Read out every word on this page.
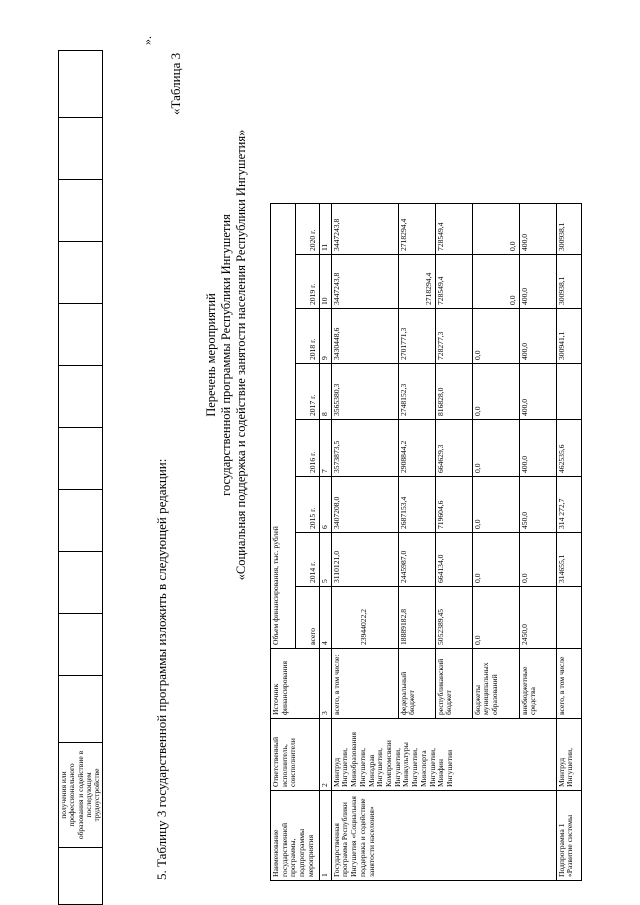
	получения или профессионального образования и содействие в последующем трудоустройстве											
».
5. Таблицу 3 государственной программы изложить в следующей редакции:
«Таблица 3
Перечень мероприятий государственной программы Республики Ингушетия «Социальная поддержка и содействие занятости населения Республики Ингушетия»
Наименование государственной программы, подпрограммы мероприятия	Ответственный исполнитель, соисполнители	Источник финансирования	Объем финансирования, тыс. рублей							
			всего	2014 г.	2015 г.	2016 г.	2017 г.	2018 г.	2019 г.	2020 г.
1	2	3	4	5	6	7	8	9	10	11
Государственная программа Республики Ингушетия «Социальная поддержка и содействие занятости населения»	Минтруд Ингушетии, Минобразования Ингушетии, Минздрав Ингушетии, Компромсвязи Ингушетии, Минкультуры Ингушетии, Минспорта Ингушетии, Минфин Ингушетии	всего, в том числе:	23944022,2	3110121,0	3407208,0	3573873,5	3565380,3	3430448,6	3447243,8	3447243,8
		федеральный бюджет	18889182,8	2445987,0	2687153,4	2908844,2	2748152,3	2701771,3	2718294,4	2718294,4
		республиканский бюджет	5052389,45	664134,0	719604,6	664629,3	816828,0	728277,3	728549,4	728549,4
		бюджеты муниципальных образований	0,0	0,0	0,0	0,0	0,0	0,0	0,0	0,0
		внебюджетные средства	2450,0	0,0	450,0	400,0	400,0	400,0	400,0	400,0
Подпрограмма 1 «Развитие системы	Минтруд Ингушетии,	всего, в том числе		314655,1	314 272,7	462535,6		300941,1	300938,1	300938,1
